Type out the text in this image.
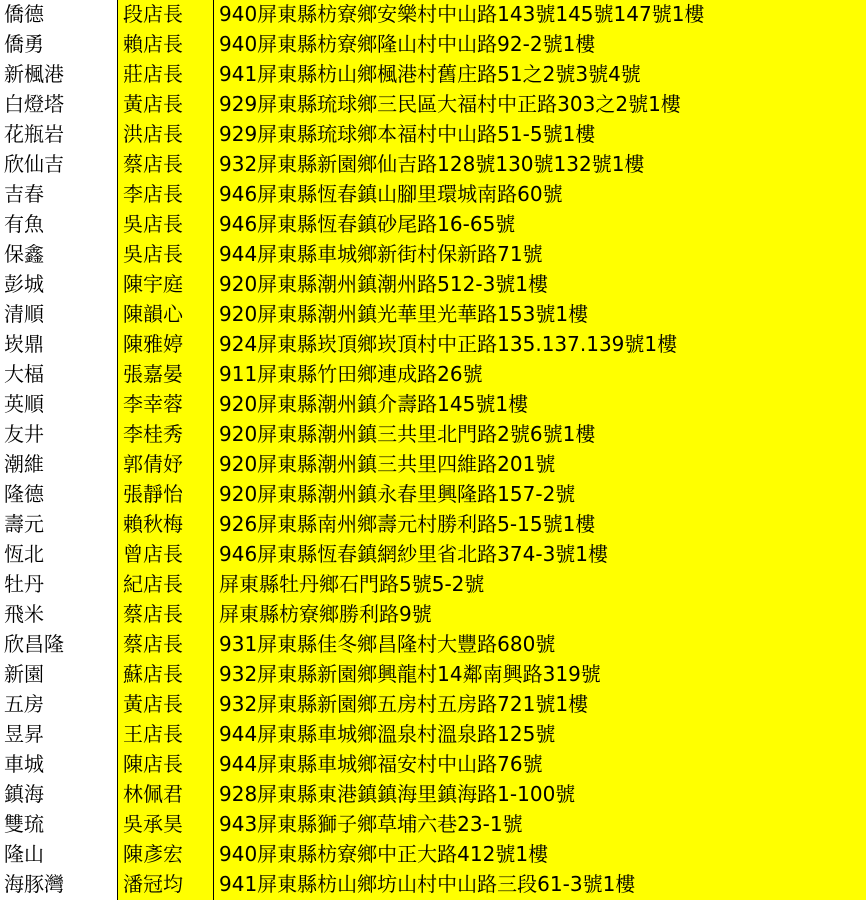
僑德	段店長	940屏東縣枋寮鄉安樂村中山路143號145號147號1樓
僑勇	賴店長	940屏東縣枋寮鄉隆山村中山路92-2號1樓
新楓港	莊店長	941屏東縣枋山鄉楓港村舊庄路51之2號3號4號
白燈塔	黃店長	929屏東縣琉球鄉三民區大福村中正路303之2號1樓
花瓶岩	洪店長	929屏東縣琉球鄉本福村中山路51-5號1樓
欣仙吉	蔡店長	932屏東縣新園鄉仙吉路128號130號132號1樓
吉春	李店長	946屏東縣恆春鎮山腳里環城南路60號
有魚	吳店長	946屏東縣恆春鎮砂尾路16-65號
保鑫	吳店長	944屏東縣車城鄉新街村保新路71號
彭城	陳宇庭	920屏東縣潮州鎮潮州路512-3號1樓
清順	陳韻心	920屏東縣潮州鎮光華里光華路153號1樓
崁鼎	陳雅婷	924屏東縣崁頂鄉崁頂村中正路135.137.139號1樓
大楅	張嘉晏	911屏東縣竹田鄉連成路26號
英順	李幸蓉	920屏東縣潮州鎮介壽路145號1樓
友井	李桂秀	920屏東縣潮州鎮三共里北門路2號6號1樓
潮維	郭倩妤	920屏東縣潮州鎮三共里四維路201號
隆德	張靜怡	920屏東縣潮州鎮永春里興隆路157-2號
壽元	賴秋梅	926屏東縣南州鄉壽元村勝利路5-15號1樓
恆北	曾店長	946屏東縣恆春鎮網紗里省北路374-3號1樓
牡丹	紀店長	屏東縣牡丹鄉石門路5號5-2號
飛米	蔡店長	屏東縣枋寮鄉勝利路9號
欣昌隆	蔡店長	931屏東縣佳冬鄉昌隆村大豐路680號
新園	蘇店長	932屏東縣新園鄉興龍村14鄰南興路319號
五房	黃店長	932屏東縣新園鄉五房村五房路721號1樓
昱昇	王店長	944屏東縣車城鄉溫泉村溫泉路125號
車城	陳店長	944屏東縣車城鄉福安村中山路76號
鎮海	林佩君	928屏東縣東港鎮鎮海里鎮海路1-100號
雙琉	吳承昊	943屏東縣獅子鄉草埔六巷23-1號
隆山	陳彥宏	940屏東縣枋寮鄉中正大路412號1樓
海豚灣	潘冠均	941屏東縣枋山鄉坊山村中山路三段61-3號1樓
